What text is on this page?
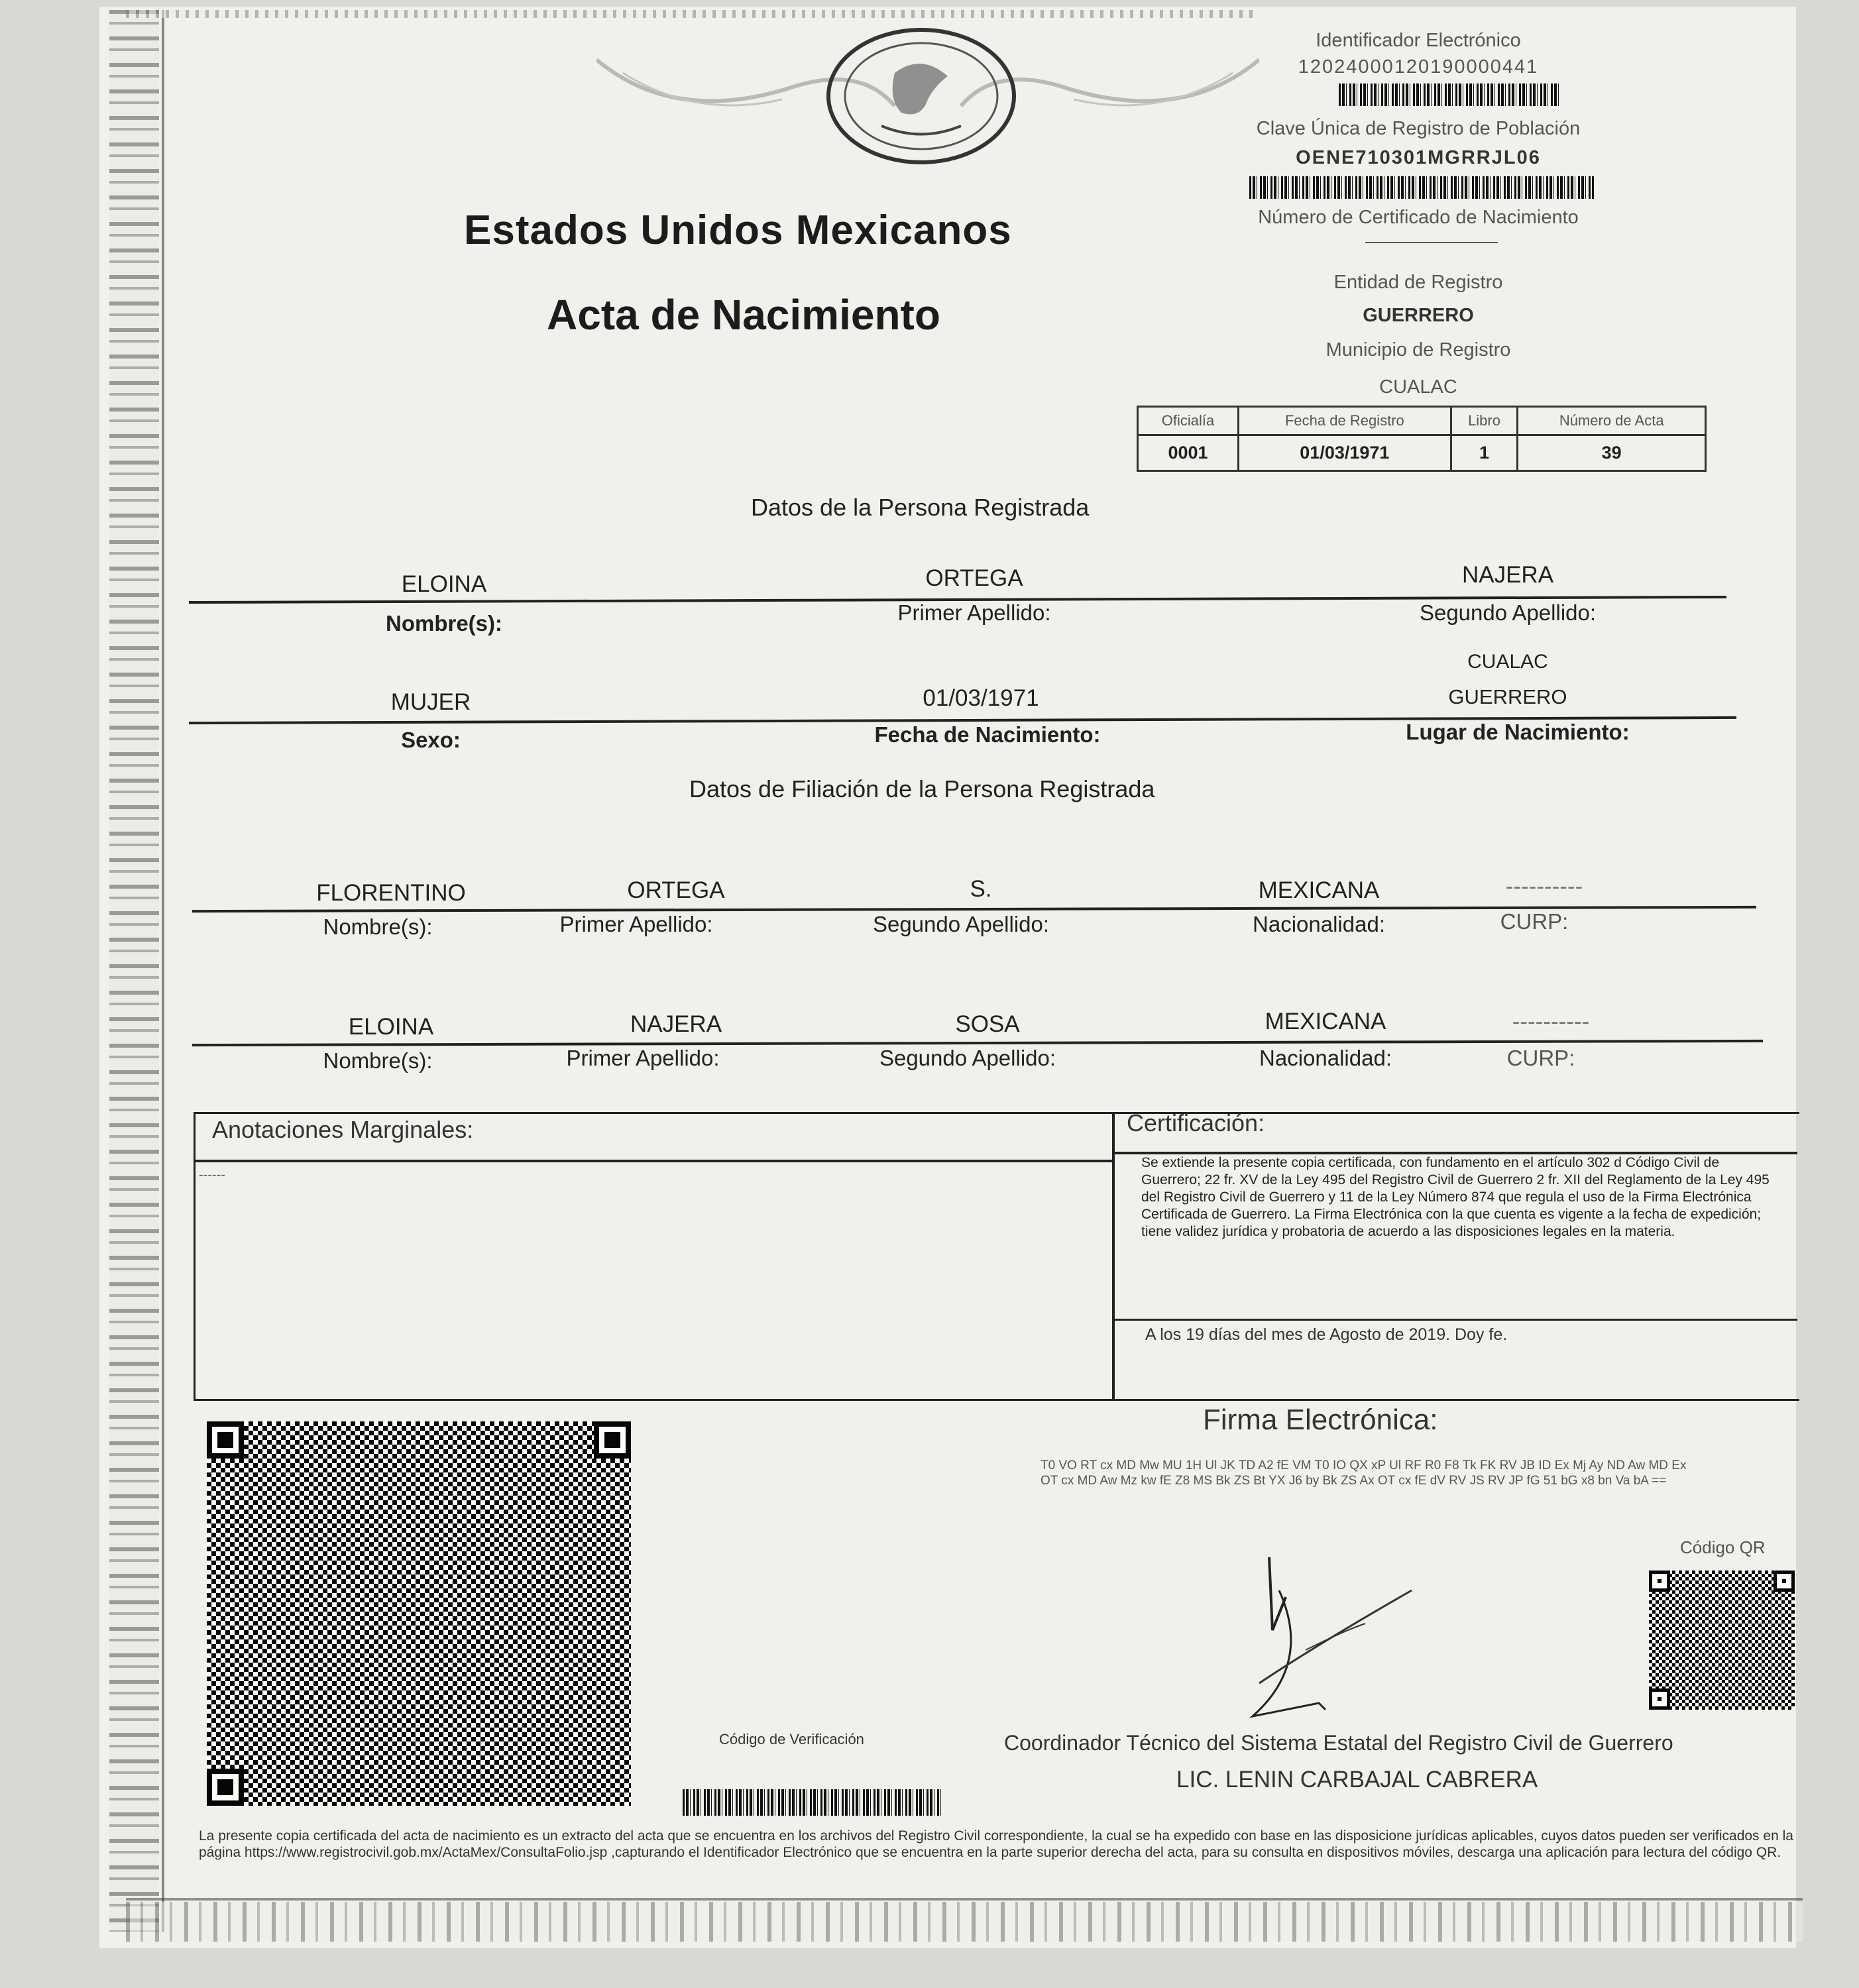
Estados Unidos Mexicanos
Acta de Nacimiento
Identificador Electrónico
12024000120190000441
Clave Única de Registro de Población
OENE710301MGRRJL06
Número de Certificado de Nacimiento
Entidad de Registro
GUERRERO
Municipio de Registro
CUALAC
Oficialía	Fecha de Registro	Libro	Número de Acta
0001	01/03/1971	1	39
Datos de la Persona Registrada
ELOINA	ORTEGA	NAJERA
Nombre(s):	Primer Apellido:	Segundo Apellido:
CUALAC
MUJER	01/03/1971	GUERRERO
Sexo:	Fecha de Nacimiento:	Lugar de Nacimiento:
Datos de Filiación de la Persona Registrada
FLORENTINO	ORTEGA	S.	MEXICANA	----------
Nombre(s):	Primer Apellido:	Segundo Apellido:	Nacionalidad:	CURP:
ELOINA	NAJERA	SOSA	MEXICANA	----------
Nombre(s):	Primer Apellido:	Segundo Apellido:	Nacionalidad:	CURP:
Anotaciones Marginales:
------
Certificación:
Se extiende la presente copia certificada, con fundamento en el artículo 302 d Código Civil de Guerrero; 22 fr. XV de la Ley 495 del Registro Civil de Guerrero 2 fr. XII del Reglamento de la Ley 495 del Registro Civil de Guerrero y 11 de la Ley Número 874 que regula el uso de la Firma Electrónica Certificada de Guerrero. La Firma Electrónica con la que cuenta es vigente a la fecha de expedición; tiene validez jurídica y probatoria de acuerdo a las disposiciones legales en la materia.
A los 19 días del mes de Agosto de 2019. Doy fe.
Firma Electrónica:
T0 VO RT cx MD Mw MU 1H Ul JK TD A2 fE VM T0 IO QX xP Ul RF R0 F8 Tk FK RV JB ID Ex Mj Ay ND Aw MD Ex OT cx MD Aw Mz kw fE Z8 MS Bk ZS Bt YX J6 by Bk ZS Ax OT cx fE dV RV JS RV JP fG 51 bG x8 bn Va bA ==
Código de Verificación
Código QR
Coordinador Técnico del Sistema Estatal del Registro Civil de Guerrero
LIC. LENIN CARBAJAL CABRERA
La presente copia certificada del acta de nacimiento es un extracto del acta que se encuentra en los archivos del Registro Civil correspondiente, la cual se ha expedido con base en las disposicione jurídicas aplicables, cuyos datos pueden ser verificados en la página https://www.registrocivil.gob.mx/ActaMex/ConsultaFolio.jsp ,capturando el Identificador Electrónico que se encuentra en la parte superior derecha del acta, para su consulta en dispositivos móviles, descarga una aplicación para lectura del código QR.
